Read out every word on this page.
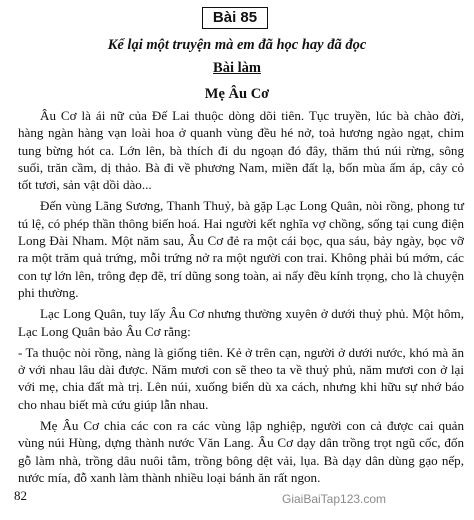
Bài 85
Kể lại một truyện mà em đã học hay đã đọc
Bài làm
Mẹ Âu Cơ

Âu Cơ là ái nữ của Đế Lai thuộc dòng dõi tiên. Tục truyền, lúc bà chào đời, hàng ngàn hàng vạn loài hoa ở quanh vùng đều hé nở, toả hương ngào ngạt, chim tung bừng hót ca. Lớn lên, bà thích đi du ngoạn đó đây, thăm thú núi rừng, sông suối, trăn cầm, dị thảo. Bà đi về phương Nam, miền đất lạ, bốn mùa ấm áp, cây cỏ tốt tươi, sản vật dồi dào...

Đến vùng Lãng Sương, Thanh Thuỷ, bà gặp Lạc Long Quân, nòi rồng, phong tư tú lệ, có phép thần thông biến hoá. Hai người kết nghĩa vợ chồng, sống tại cung điện Long Đài Nham. Một năm sau, Âu Cơ đẻ ra một cái bọc, qua sáu, bảy ngày, bọc vỡ ra một trăm quả trứng, mỗi trứng nở ra một người con trai. Không phải bú mớm, các con tự lớn lên, trông đẹp đẽ, trí dũng song toàn, ai nấy đều kính trọng, cho là chuyện phi thường.

Lạc Long Quân, tuy lấy Âu Cơ nhưng thường xuyên ở dưới thuỷ phủ. Một hôm, Lạc Long Quân bảo Âu Cơ rằng:

- Ta thuộc nòi rồng, nàng là giống tiên. Kẻ ở trên cạn, người ở dưới nước, khó mà ăn ở với nhau lâu dài được. Năm mươi con sẽ theo ta về thuỷ phủ, năm mươi con ở lại với mẹ, chia đất mà trị. Lên núi, xuống biển dù xa cách, nhưng khi hữu sự nhớ báo cho nhau biết mà cứu giúp lẫn nhau.

Mẹ Âu Cơ chia các con ra các vùng lập nghiệp, người con cả được cai quản vùng núi Hùng, dựng thành nước Văn Lang. Âu Cơ dạy dân trồng trọt ngũ cốc, đốn gỗ làm nhà, trồng dâu nuôi tằm, trồng bông dệt vải, lụa. Bà dạy dân dùng gạo nếp, nước mía, đỗ xanh làm thành nhiều loại bánh ăn rất ngon.

82	GiaiBaiTap123.com
